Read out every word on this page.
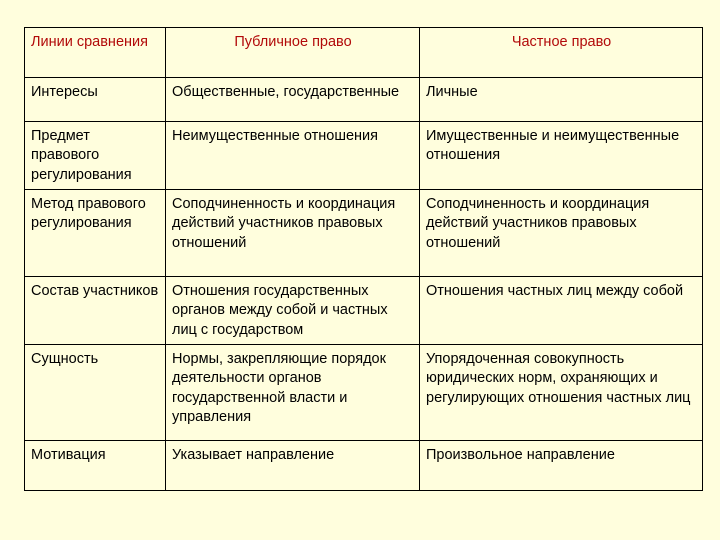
Линии сравнения	Публичное право	Частное право
Интересы	Общественные, государственные	Личные
Предмет правового регулирования	Неимущественные отношения	Имущественные и неимущественные отношения
Метод правового регулирования	Соподчиненность и координация действий участников правовых отношений	Соподчиненность и координация действий участников правовых отношений
Состав участников	Отношения государственных органов между собой и частных лиц с государством	Отношения частных лиц между собой
Сущность	Нормы, закрепляющие порядок деятельности органов государственной власти и управления	Упорядоченная совокупность юридических норм, охраняющих и регулирующих отношения частных лиц
Мотивация	Указывает направление	Произвольное направление
